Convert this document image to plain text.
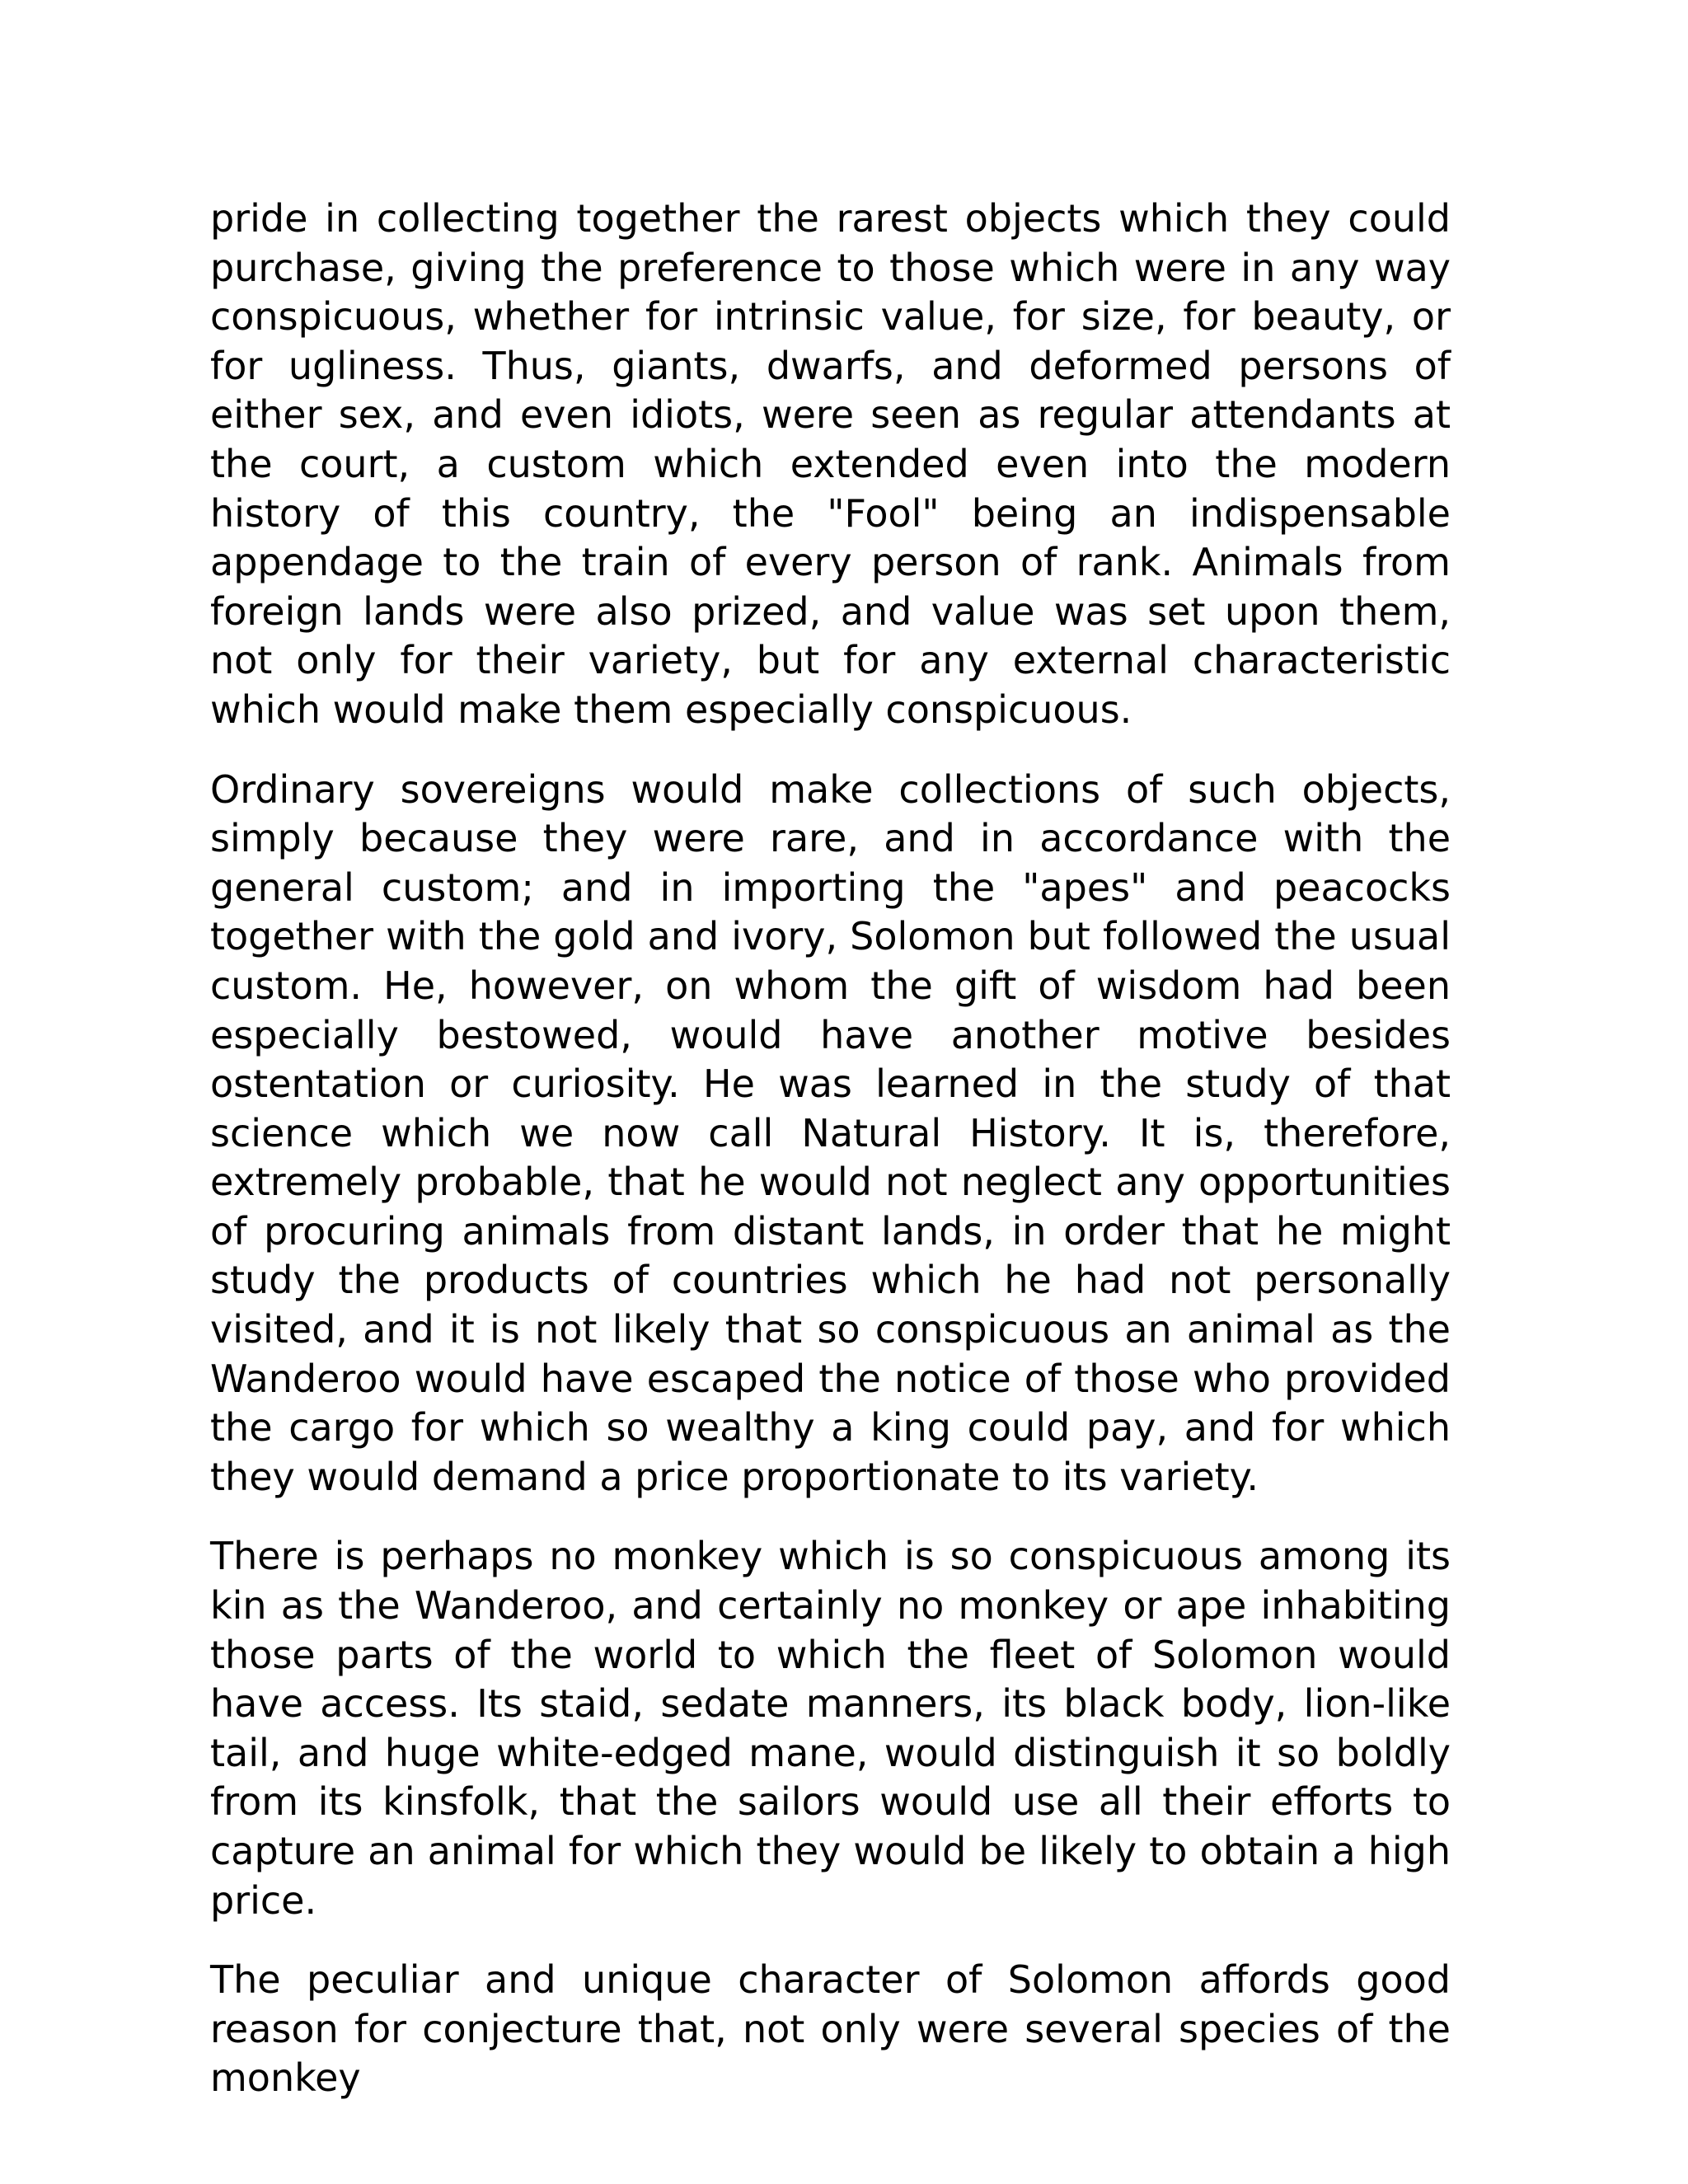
pride in collecting together the rarest objects which they could purchase, giving the preference to those which were in any way conspicuous, whether for intrinsic value, for size, for beauty, or for ugliness. Thus, giants, dwarfs, and deformed persons of either sex, and even idiots, were seen as regular attendants at the court, a custom which extended even into the modern history of this country, the "Fool" being an indispensable appendage to the train of every person of rank. Animals from foreign lands were also prized, and value was set upon them, not only for their variety, but for any external characteristic which would make them especially conspicuous.

Ordinary sovereigns would make collections of such objects, simply because they were rare, and in accordance with the general custom; and in importing the "apes" and peacocks together with the gold and ivory, Solomon but followed the usual custom. He, however, on whom the gift of wisdom had been especially bestowed, would have another motive besides ostentation or curiosity. He was learned in the study of that science which we now call Natural History. It is, therefore, extremely probable, that he would not neglect any opportunities of procuring animals from distant lands, in order that he might study the products of countries which he had not personally visited, and it is not likely that so conspicuous an animal as the Wanderoo would have escaped the notice of those who provided the cargo for which so wealthy a king could pay, and for which they would demand a price proportionate to its variety.

There is perhaps no monkey which is so conspicuous among its kin as the Wanderoo, and certainly no monkey or ape inhabiting those parts of the world to which the fleet of Solomon would have access. Its staid, sedate manners, its black body, lion-like tail, and huge white-edged mane, would distinguish it so boldly from its kinsfolk, that the sailors would use all their efforts to capture an animal for which they would be likely to obtain a high price.

The peculiar and unique character of Solomon affords good reason for conjecture that, not only were several species of the monkey
